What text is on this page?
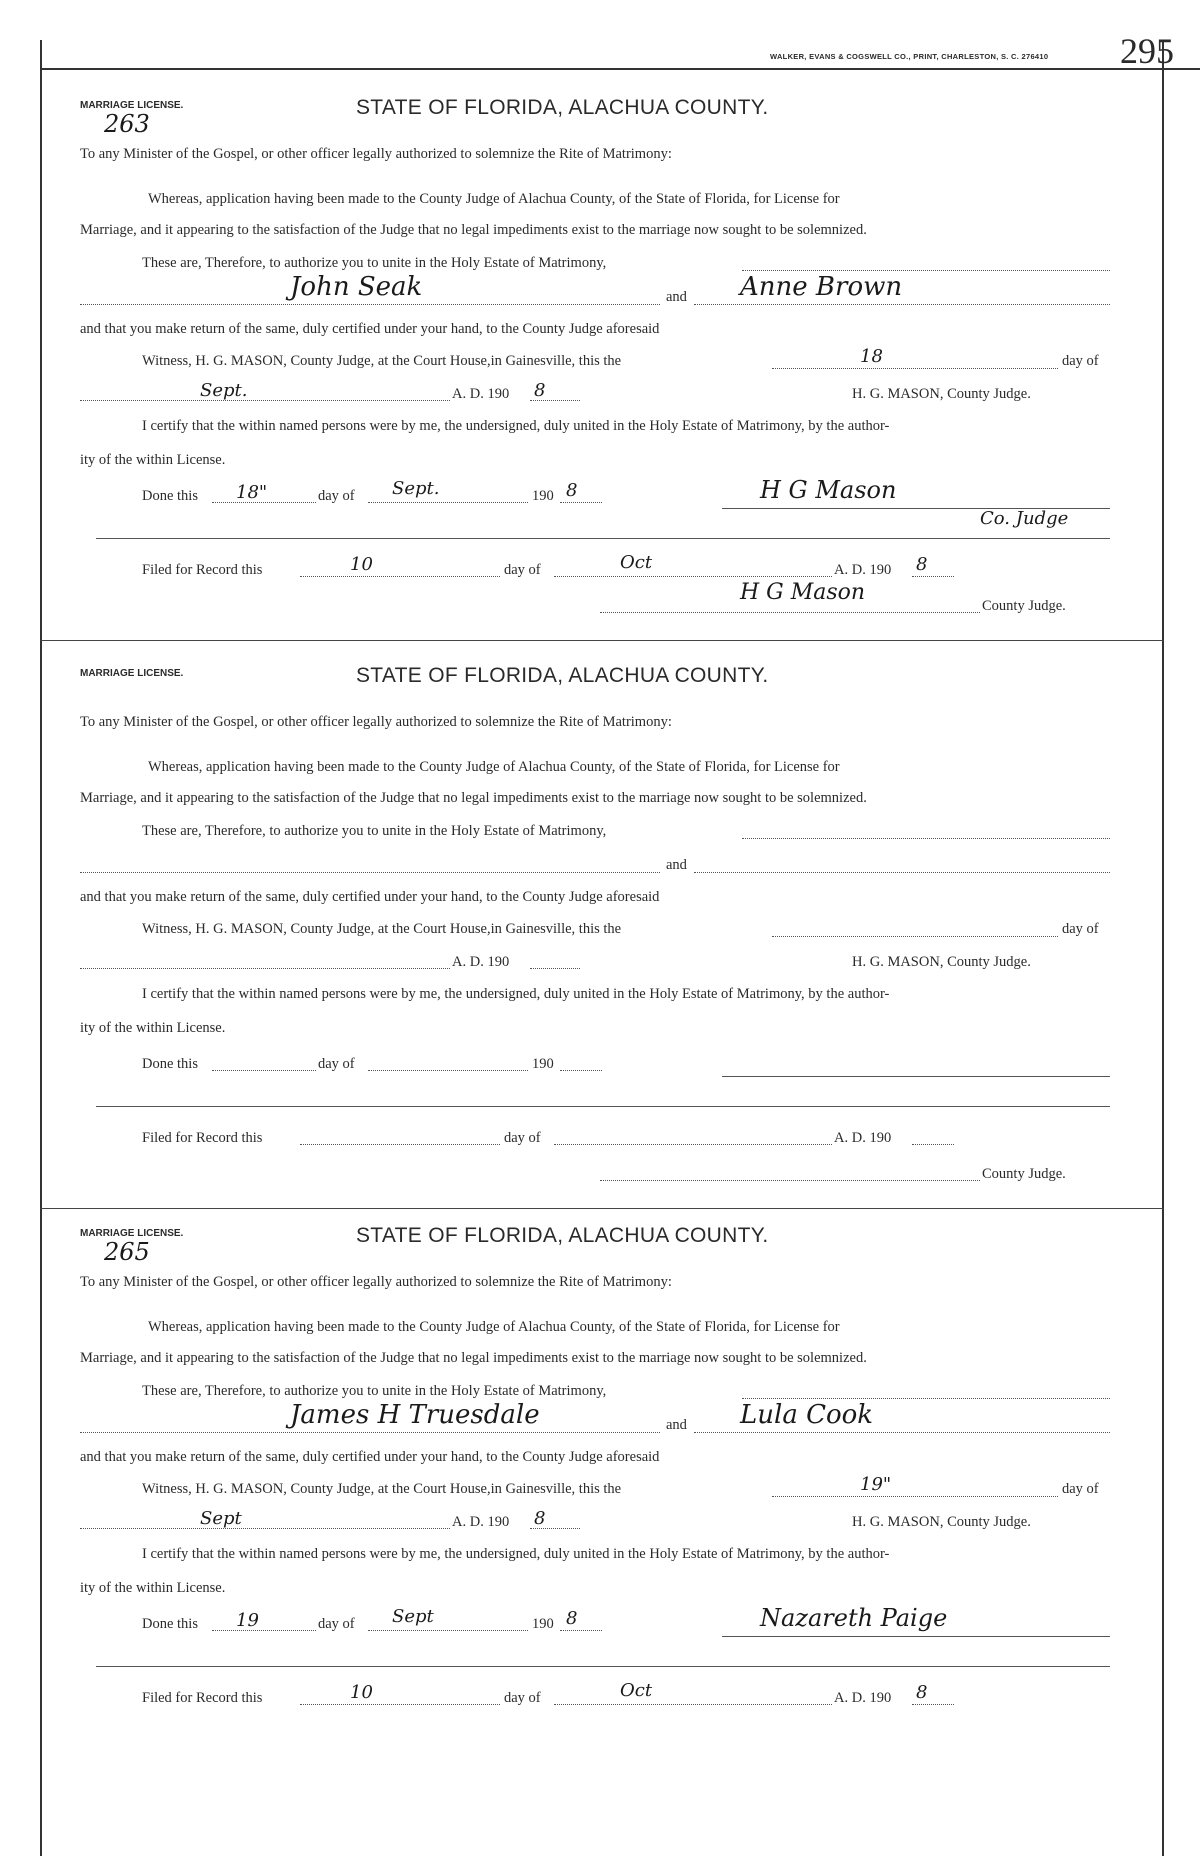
WALKER, EVANS & COGSWELL CO., PRINT, CHARLESTON, S. C. 276410 295
MARRIAGE LICENSE.
263
STATE OF FLORIDA, ALACHUA COUNTY.
To any Minister of the Gospel, or other officer legally authorized to solemnize the Rite of Matrimony:
Whereas, application having been made to the County Judge of Alachua County, of the State of Florida, for License for
Marriage, and it appearing to the satisfaction of the Judge that no legal impediments exist to the marriage now sought to be solemnized.
These are, Therefore, to authorize you to unite in the Holy Estate of Matrimony,
John Seak	and Anne Brown
and that you make return of the same, duly certified under your hand, to the County Judge aforesaid
Witness, H. G. MASON, County Judge, at the Court House,in Gainesville, this the	18	day of
Sept.	A. D. 190 8	H. G. MASON, County Judge.
I certify that the within named persons were by me, the undersigned, duly united in the Holy Estate of Matrimony, by the author-
ity of the within License.
Done this 18"	day of Sept.	190 8	H G Mason
Co. Judge
MARRIAGE LICENSE.	STATE OF FLORIDA, ALACHUA COUNTY.
To any Minister of the Gospel, or other officer legally authorized to solemnize the Rite of Matrimony:
Whereas, application having been made to the County Judge of Alachua County, of the State of Florida, for License for
Marriage, and it appearing to the satisfaction of the Judge that no legal impediments exist to the marriage now sought to be solemnized.
These are, Therefore, to authorize you to unite in the Holy Estate of Matrimony,
and
and that you make return of the same, duly certified under your hand, to the County Judge aforesaid
Witness, H. G. MASON, County Judge, at the Court House,in Gainesville, this the	day of
A. D. 190	H. G. MASON, County Judge.
I certify that the within named persons were by me, the undersigned, duly united in the Holy Estate of Matrimony, by the author-
ity of the within License.
Done this	day of	190
MARRIAGE LICENSE.
265
STATE OF FLORIDA, ALACHUA COUNTY.
To any Minister of the Gospel, or other officer legally authorized to solemnize the Rite of Matrimony:
Whereas, application having been made to the County Judge of Alachua County, of the State of Florida, for License for
Marriage, and it appearing to the satisfaction of the Judge that no legal impediments exist to the marriage now sought to be solemnized.
These are, Therefore, to authorize you to unite in the Holy Estate of Matrimony,
James H Truesdale	and Lula Cook
and that you make return of the same, duly certified under your hand, to the County Judge aforesaid
Witness, H. G. MASON, County Judge, at the Court House,in Gainesville, this the	19"	day of
Sept	A. D. 190 8	H. G. MASON, County Judge.
I certify that the within named persons were by me, the undersigned, duly united in the Holy Estate of Matrimony, by the author-
ity of the within License.
Done this 19	day of Sept	190 8	Nazareth Paige
Filed for Record this	10	day of	Oct	A. D. 190 8
H G Mason
County Judge.
Filed for Record this	day of	A. D. 190
County Judge.
Filed for Record this	10	day of	Oct	A. D. 190 8
